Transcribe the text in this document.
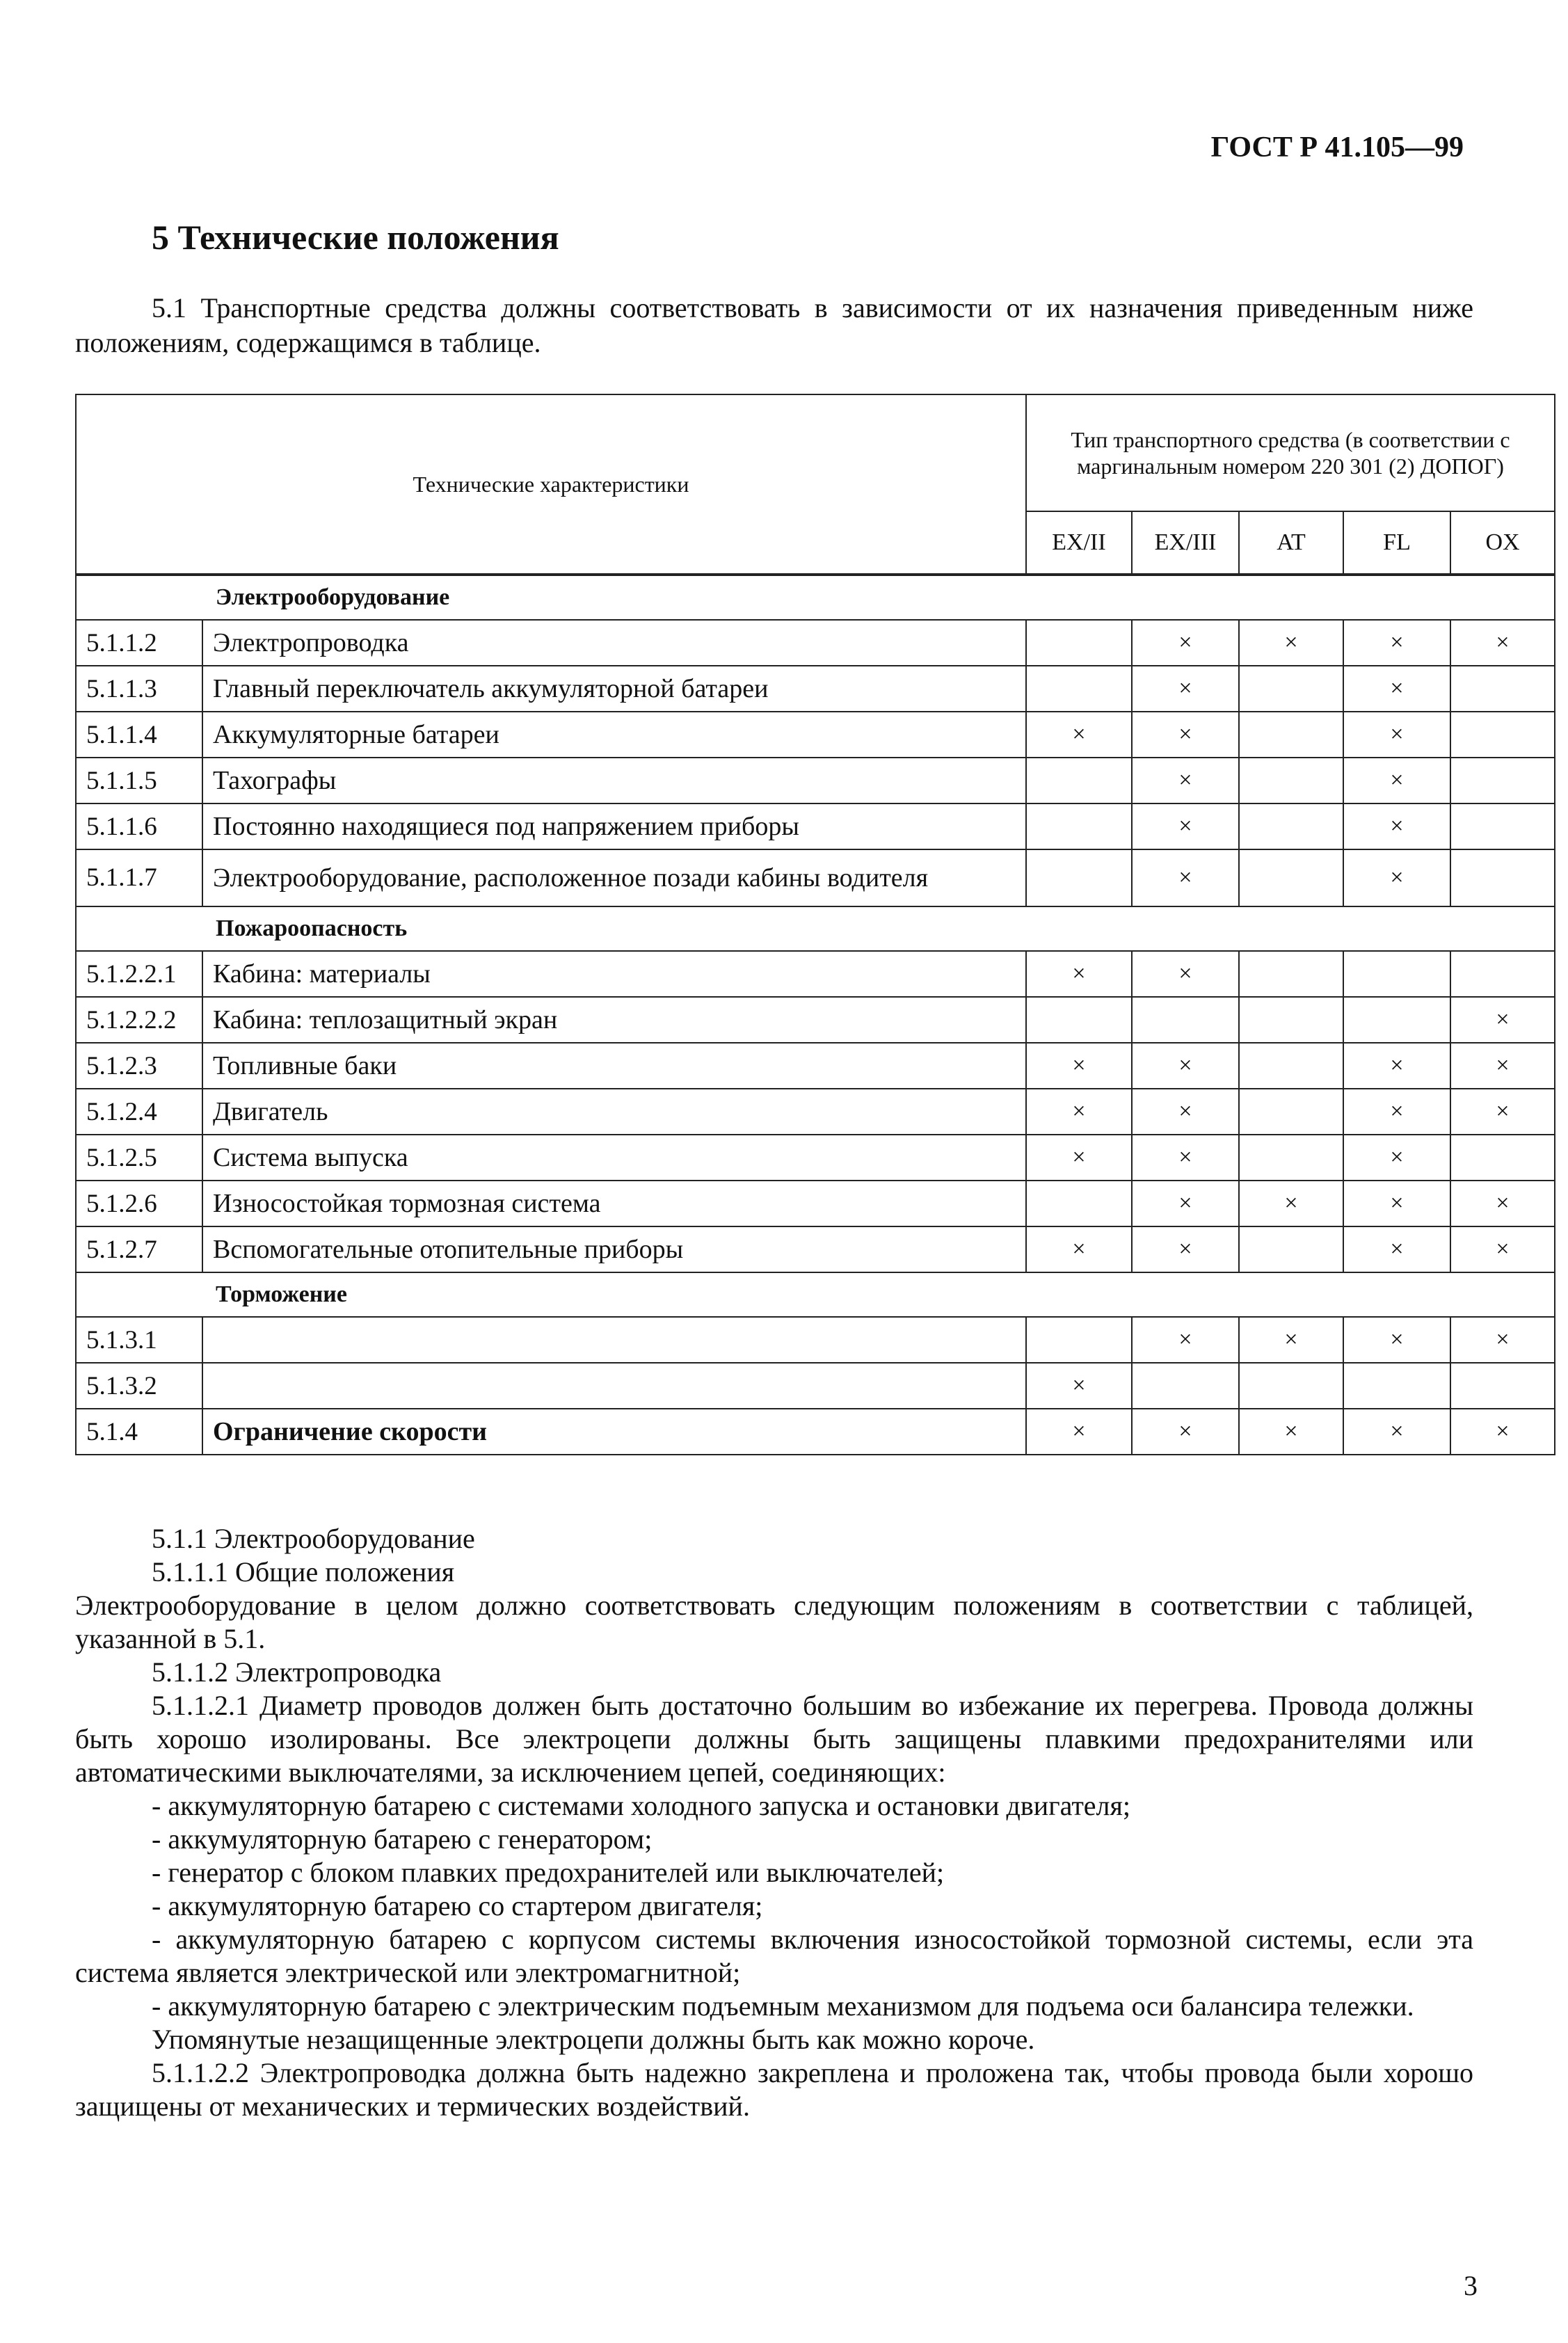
ГОСТ Р 41.105—99
5 Технические положения
5.1 Транспортные средства должны соответствовать в зависимости от их назначения приведенным ниже положениям, содержащимся в таблице.
Технические характеристики		Тип транспортного средства (в соответствии с маргинальным номером 220 301 (2) ДОПОГ)				
		EX/II	EX/III	AT	FL	OX
Электрооборудование						
5.1.1.2	Электропроводка		×	×	×	×
5.1.1.3	Главный переключатель аккумуляторной батареи		×		×	
5.1.1.4	Аккумуляторные батареи	×	×		×	
5.1.1.5	Тахографы		×		×	
5.1.1.6	Постоянно находящиеся под напряжением приборы		×		×	
5.1.1.7	Электрооборудование, расположенное позади кабины водителя		×		×	
Пожароопасность						
5.1.2.2.1	Кабина: материалы	×	×			
5.1.2.2.2	Кабина: теплозащитный экран					×
5.1.2.3	Топливные баки	×	×		×	×
5.1.2.4	Двигатель	×	×		×	×
5.1.2.5	Система выпуска	×	×		×	
5.1.2.6	Износостойкая тормозная система		×	×	×	×
5.1.2.7	Вспомогательные отопительные приборы	×	×		×	×
Торможение						
5.1.3.1			×	×	×	×
5.1.3.2		×				
5.1.4	Ограничение скорости	×	×	×	×	×

5.1.1 Электрооборудование

5.1.1.1 Общие положения

Электрооборудование в целом должно соответствовать следующим положениям в соответствии с таблицей, указанной в 5.1.

5.1.1.2 Электропроводка

5.1.1.2.1 Диаметр проводов должен быть достаточно большим во избежание их перегрева. Провода должны быть хорошо изолированы. Все электроцепи должны быть защищены плавкими предохранителями или автоматическими выключателями, за исключением цепей, соединяющих:

- аккумуляторную батарею с системами холодного запуска и остановки двигателя;

- аккумуляторную батарею с генератором;

- генератор с блоком плавких предохранителей или выключателей;

- аккумуляторную батарею со стартером двигателя;

- аккумуляторную батарею с корпусом системы включения износостойкой тормозной системы, если эта система является электрической или электромагнитной;

- аккумуляторную батарею с электрическим подъемным механизмом для подъема оси балансира тележки.

Упомянутые незащищенные электроцепи должны быть как можно короче.

5.1.1.2.2 Электропроводка должна быть надежно закреплена и проложена так, чтобы провода были хорошо защищены от механических и термических воздействий.

3
